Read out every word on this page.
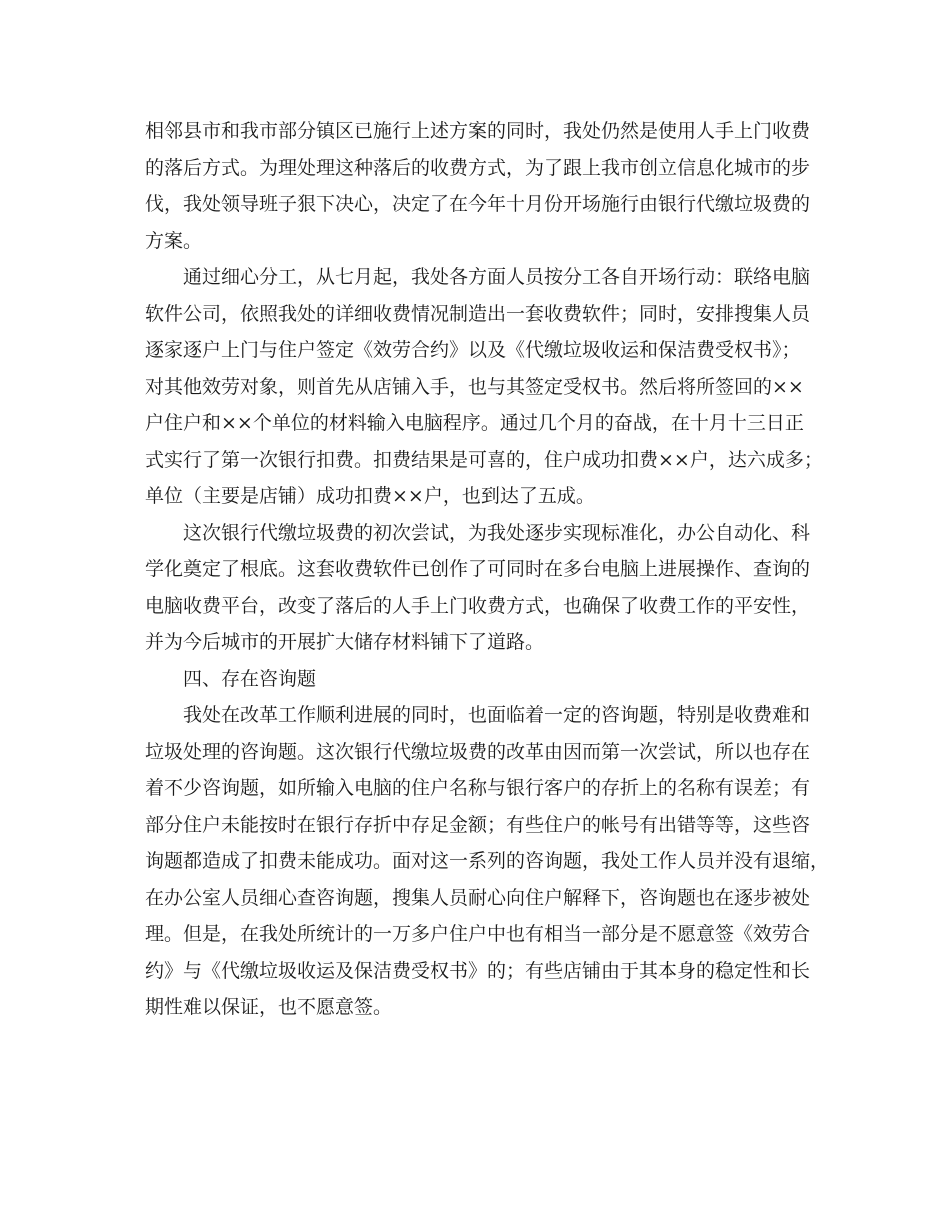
相邻县市和我市部分镇区已施行上述方案的同时，我处仍然是使用人手上门收费
的落后方式。为理处理这种落后的收费方式，为了跟上我市创立信息化城市的步
伐，我处领导班子狠下决心，决定了在今年十月份开场施行由银行代缴垃圾费的
方案。
通过细心分工，从七月起，我处各方面人员按分工各自开场行动：联络电脑
软件公司，依照我处的详细收费情况制造出一套收费软件；同时，安排搜集人员
逐家逐户上门与住户签定《效劳合约》以及《代缴垃圾收运和保洁费受权书》；
对其他效劳对象，则首先从店铺入手，也与其签定受权书。然后将所签回的××
户住户和××个单位的材料输入电脑程序。通过几个月的奋战，在十月十三日正
式实行了第一次银行扣费。扣费结果是可喜的，住户成功扣费××户，达六成多；
单位（主要是店铺）成功扣费××户，也到达了五成。
这次银行代缴垃圾费的初次尝试，为我处逐步实现标准化，办公自动化、科
学化奠定了根底。这套收费软件已创作了可同时在多台电脑上进展操作、查询的
电脑收费平台，改变了落后的人手上门收费方式，也确保了收费工作的平安性，
并为今后城市的开展扩大储存材料铺下了道路。
四、存在咨询题
我处在改革工作顺利进展的同时，也面临着一定的咨询题，特别是收费难和
垃圾处理的咨询题。这次银行代缴垃圾费的改革由因而第一次尝试，所以也存在
着不少咨询题，如所输入电脑的住户名称与银行客户的存折上的名称有误差；有
部分住户未能按时在银行存折中存足金额；有些住户的帐号有出错等等，这些咨
询题都造成了扣费未能成功。面对这一系列的咨询题，我处工作人员并没有退缩，
在办公室人员细心查咨询题，搜集人员耐心向住户解释下，咨询题也在逐步被处
理。但是，在我处所统计的一万多户住户中也有相当一部分是不愿意签《效劳合
约》与《代缴垃圾收运及保洁费受权书》的；有些店铺由于其本身的稳定性和长
期性难以保证，也不愿意签。
